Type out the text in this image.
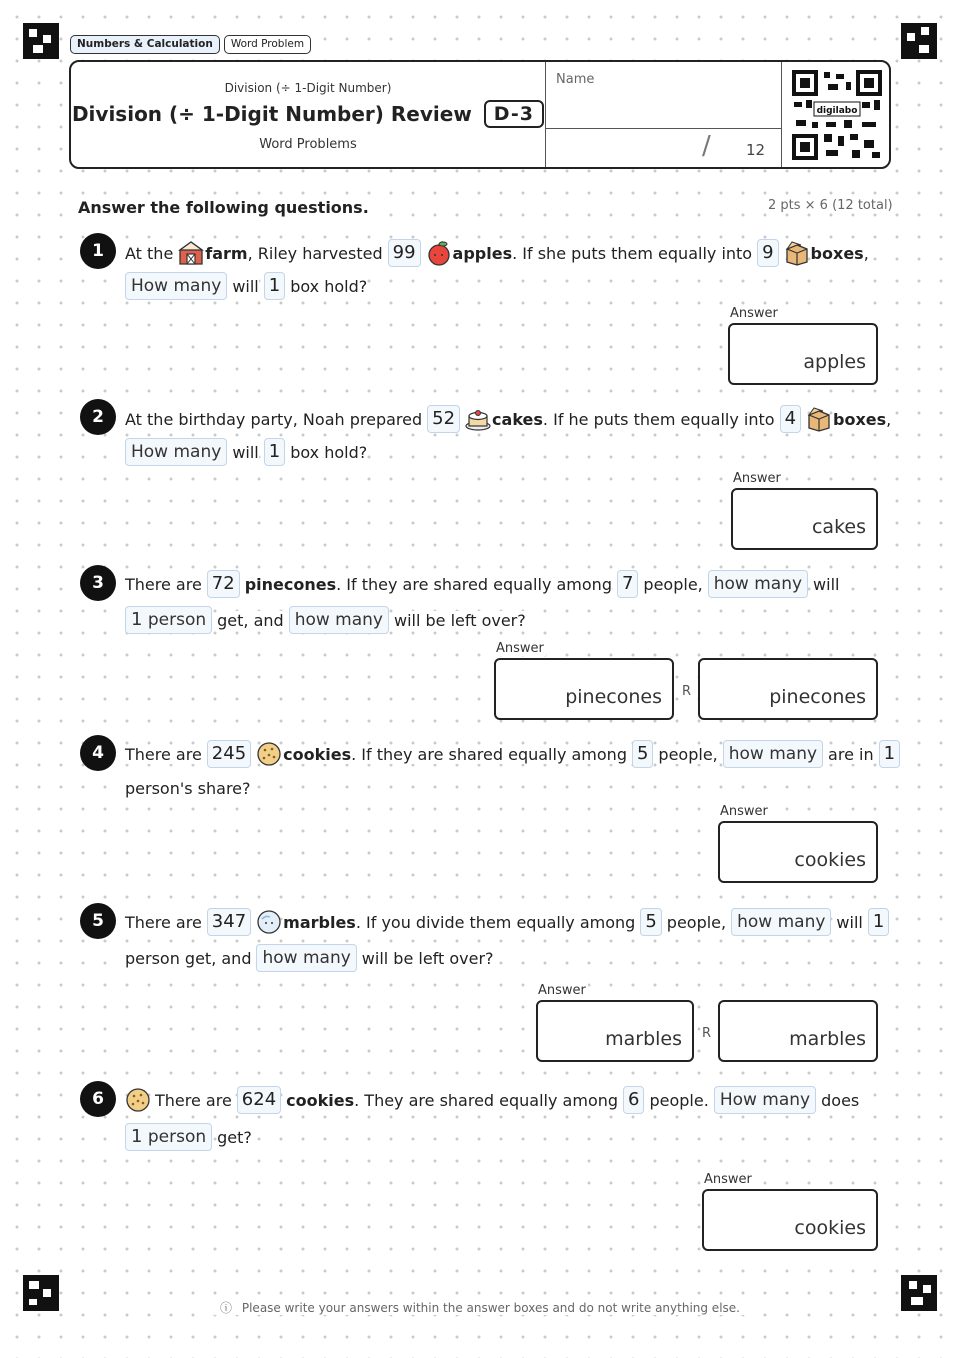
Numbers & Calculation	Word Problem
Division (÷ 1-Digit Number)
Division (÷ 1-Digit Number) Review	D-3
Word Problems
Name
/ 12
digilabo
Answer the following questions.	2 pts × 6 (12 total)
1	At the farm , Riley harvested 99	apples . If she puts them equally into 9	boxes ,
How many will 1 box hold?
Answer
apples
2	At the birthday party, Noah prepared 52	cakes . If he puts them equally into 4	boxes ,
How many will 1 box hold?
Answer
cakes
3	There are 72 pinecones . If they are shared equally among 7 people, how many will
1 person get, and how many will be left over?
Answer
pinecones R	pinecones
4	There are 245	cookies . If they are shared equally among 5 people, how many are in 1
person's share?
Answer
cookies
5	There are 347	marbles . If you divide them equally among 5 people, how many will 1
person get, and how many will be left over?
Answer
marbles R	marbles
6	There are 624 cookies . They are shared equally among 6 people. How many does
1 person get?
Answer
cookies
ⓘ Please write your answers within the answer boxes and do not write anything else.
